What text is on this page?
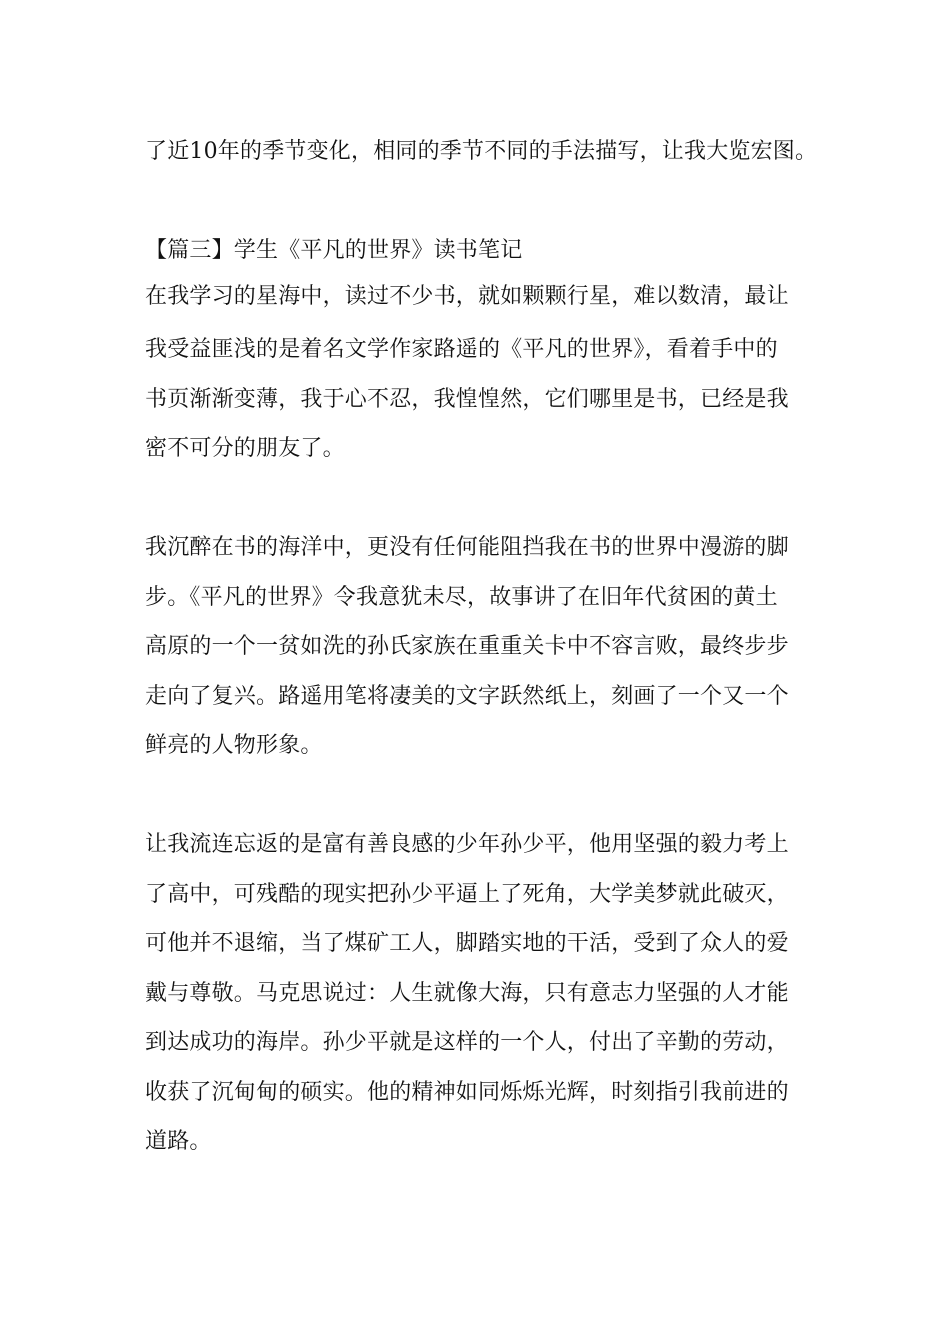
了近10年的季节变化，相同的季节不同的手法描写，让我大览宏图。
【篇三】学生《平凡的世界》读书笔记
在我学习的星海中，读过不少书，就如颗颗行星，难以数清，最让
我受益匪浅的是着名文学作家路遥的《平凡的世界》，看着手中的
书页渐渐变薄，我于心不忍，我惶惶然，它们哪里是书，已经是我
密不可分的朋友了。
我沉醉在书的海洋中，更没有任何能阻挡我在书的世界中漫游的脚
步。《平凡的世界》令我意犹未尽，故事讲了在旧年代贫困的黄土
高原的一个一贫如洗的孙氏家族在重重关卡中不容言败，最终步步
走向了复兴。路遥用笔将凄美的文字跃然纸上，刻画了一个又一个
鲜亮的人物形象。
让我流连忘返的是富有善良感的少年孙少平，他用坚强的毅力考上
了高中，可残酷的现实把孙少平逼上了死角，大学美梦就此破灭，
可他并不退缩，当了煤矿工人，脚踏实地的干活，受到了众人的爱
戴与尊敬。马克思说过：人生就像大海，只有意志力坚强的人才能
到达成功的海岸。孙少平就是这样的一个人，付出了辛勤的劳动，
收获了沉甸甸的硕实。他的精神如同烁烁光辉，时刻指引我前进的
道路。
